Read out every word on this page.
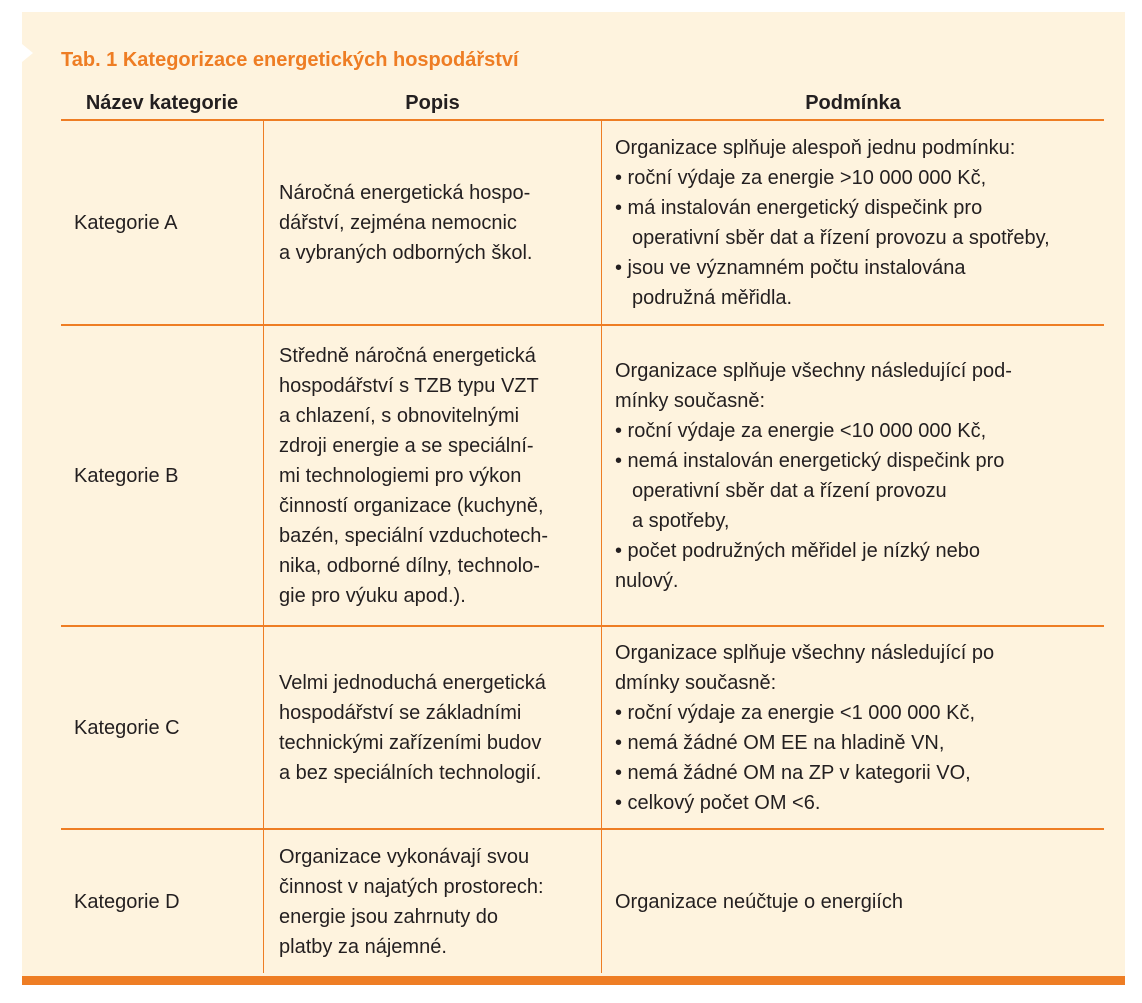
Tab. 1 Kategorizace energetických hospodářství
Název kategorie	Popis	Podmínka
Kategorie A
Náročná energetická hospo-
dářství, zejména nemocnic
a vybraných odborných škol.
Organizace splňuje alespoň jednu podmínku:
• roční výdaje za energie >10 000 000 Kč,
• má instalován energetický dispečink pro
operativní sběr dat a řízení provozu a spotřeby,
• jsou ve významném počtu instalována
podružná měřidla.
Kategorie B
Středně náročná energetická
hospodářství s TZB typu VZT
a chlazení, s obnovitelnými
zdroji energie a se speciální-
mi technologiemi pro výkon
činností organizace (kuchyně,
bazén, speciální vzduchotech-
nika, odborné dílny, technolo-
gie pro výuku apod.).
Organizace splňuje všechny následující pod-
mínky současně:
• roční výdaje za energie <10 000 000 Kč,
• nemá instalován energetický dispečink pro
operativní sběr dat a řízení provozu
a spotřeby,
• počet podružných měřidel je nízký nebo
nulový.
Kategorie C
Velmi jednoduchá energetická
hospodářství se základními
technickými zařízeními budov
a bez speciálních technologií.
Organizace splňuje všechny následující po
dmínky současně:
• roční výdaje za energie <1 000 000 Kč,
• nemá žádné OM EE na hladině VN,
• nemá žádné OM na ZP v kategorii VO,
• celkový počet OM <6.
Kategorie D
Organizace vykonávají svou
činnost v najatých prostorech:
energie jsou zahrnuty do
platby za nájemné.
Organizace neúčtuje o energiích
